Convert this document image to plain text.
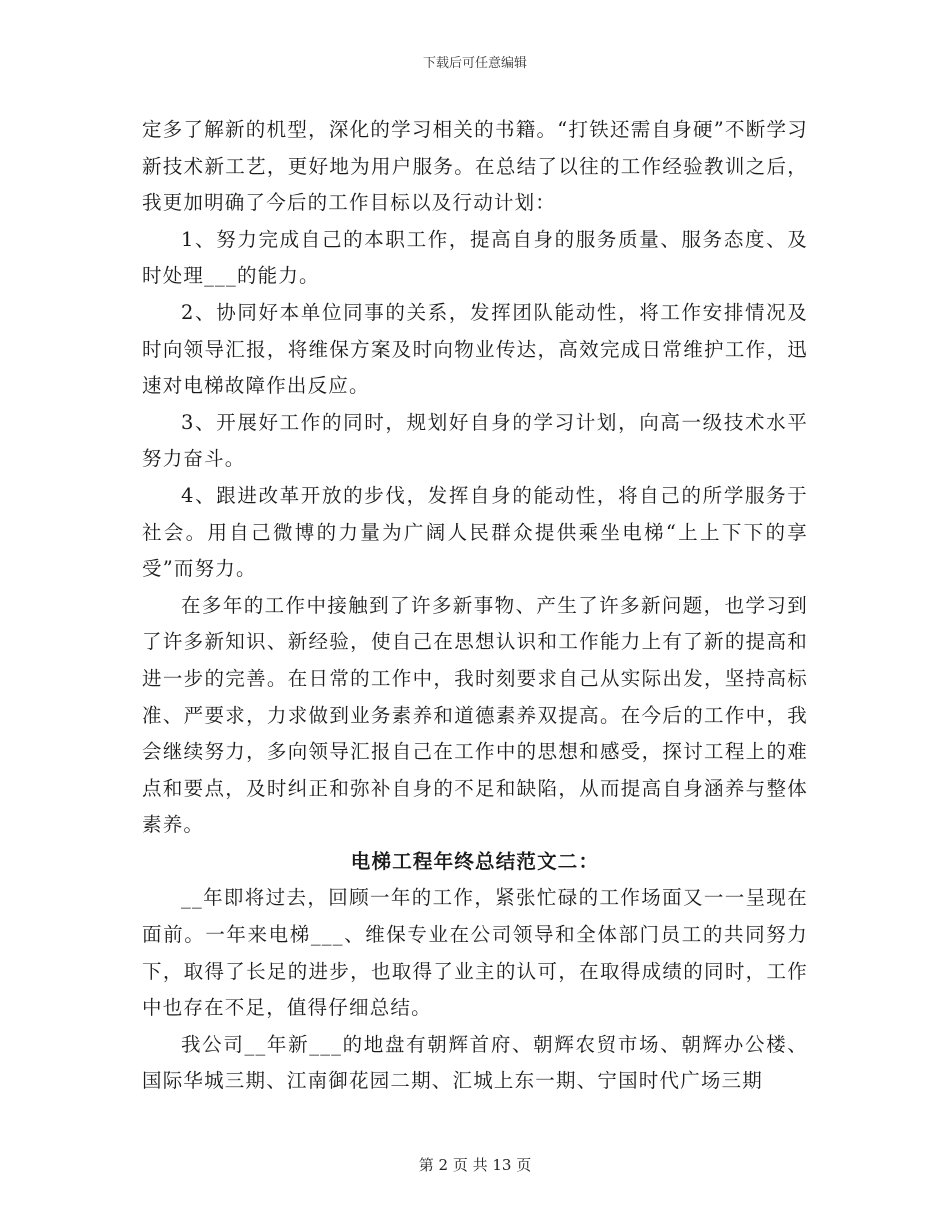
下载后可任意编辑

定多了解新的机型，深化的学习相关的书籍。“打铁还需自身硬”不断学习新技术新工艺，更好地为用户服务。在总结了以往的工作经验教训之后，我更加明确了今后的工作目标以及行动计划：

1、努力完成自己的本职工作，提高自身的服务质量、服务态度、及时处理___的能力。

2、协同好本单位同事的关系，发挥团队能动性，将工作安排情况及时向领导汇报，将维保方案及时向物业传达，高效完成日常维护工作，迅速对电梯故障作出反应。

3、开展好工作的同时，规划好自身的学习计划，向高一级技术水平努力奋斗。

4、跟进改革开放的步伐，发挥自身的能动性，将自己的所学服务于社会。用自己微博的力量为广阔人民群众提供乘坐电梯“上上下下的享受”而努力。

在多年的工作中接触到了许多新事物、产生了许多新问题，也学习到了许多新知识、新经验，使自己在思想认识和工作能力上有了新的提高和进一步的完善。在日常的工作中，我时刻要求自己从实际出发，坚持高标准、严要求，力求做到业务素养和道德素养双提高。在今后的工作中，我会继续努力，多向领导汇报自己在工作中的思想和感受，探讨工程上的难点和要点，及时纠正和弥补自身的不足和缺陷，从而提高自身涵养与整体素养。

电梯工程年终总结范文二：

__年即将过去，回顾一年的工作，紧张忙碌的工作场面又一一呈现在面前。一年来电梯___、维保专业在公司领导和全体部门员工的共同努力下，取得了长足的进步，也取得了业主的认可，在取得成绩的同时，工作中也存在不足，值得仔细总结。

我公司__年新___的地盘有朝辉首府、朝辉农贸市场、朝辉办公楼、国际华城三期、江南御花园二期、汇城上东一期、宁国时代广场三期

第 2 页 共 13 页
